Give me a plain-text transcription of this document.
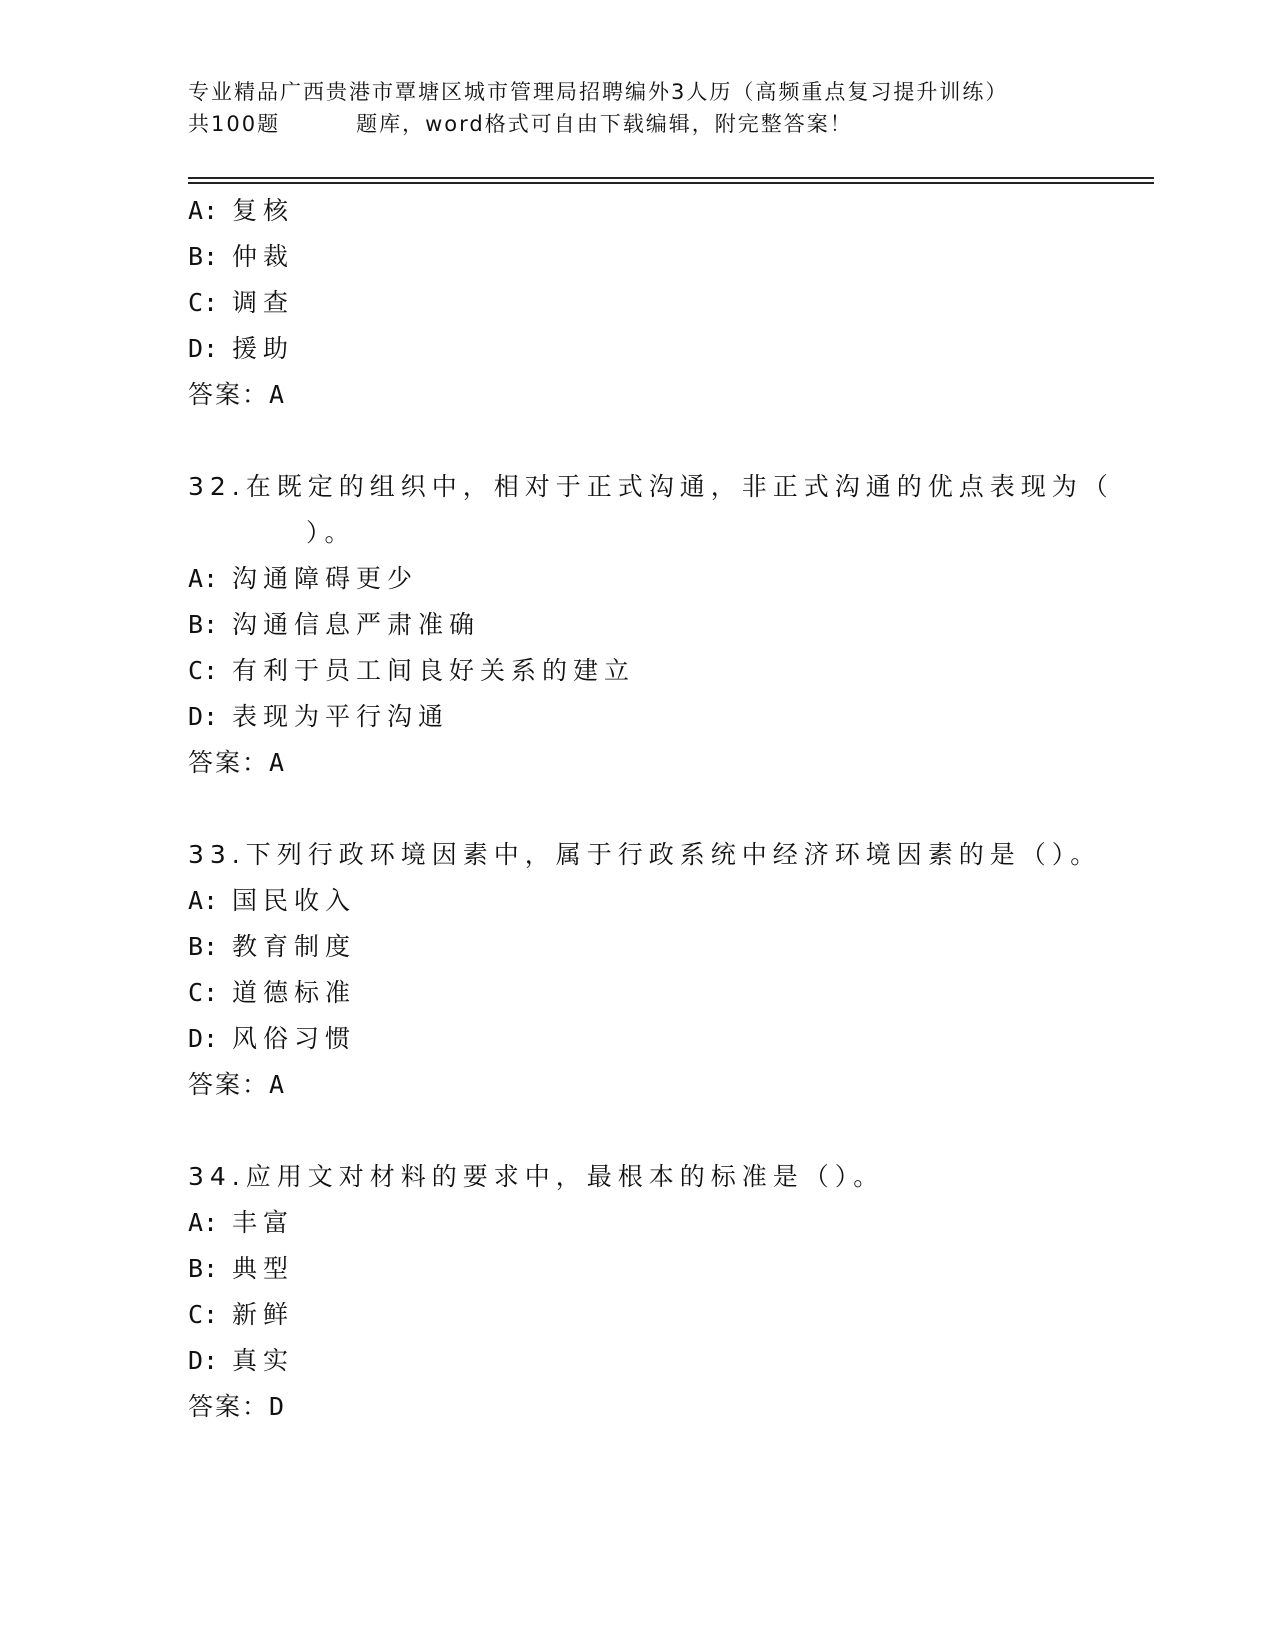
专业精品广西贵港市覃塘区城市管理局招聘编外3人历（高频重点复习提升训练）
共100题	题库，word格式可自由下载编辑，附完整答案！
A: 复核
B: 仲裁
C: 调查
D: 援助
答案：A
32.在既定的组织中，相对于正式沟通，非正式沟通的优点表现为（
）。
A: 沟通障碍更少
B: 沟通信息严肃准确
C: 有利于员工间良好关系的建立
D: 表现为平行沟通
答案：A
33.下列行政环境因素中，属于行政系统中经济环境因素的是（）。
A: 国民收入
B: 教育制度
C: 道德标准
D: 风俗习惯
答案：A
34.应用文对材料的要求中，最根本的标准是（）。
A: 丰富
B: 典型
C: 新鲜
D: 真实
答案：D
